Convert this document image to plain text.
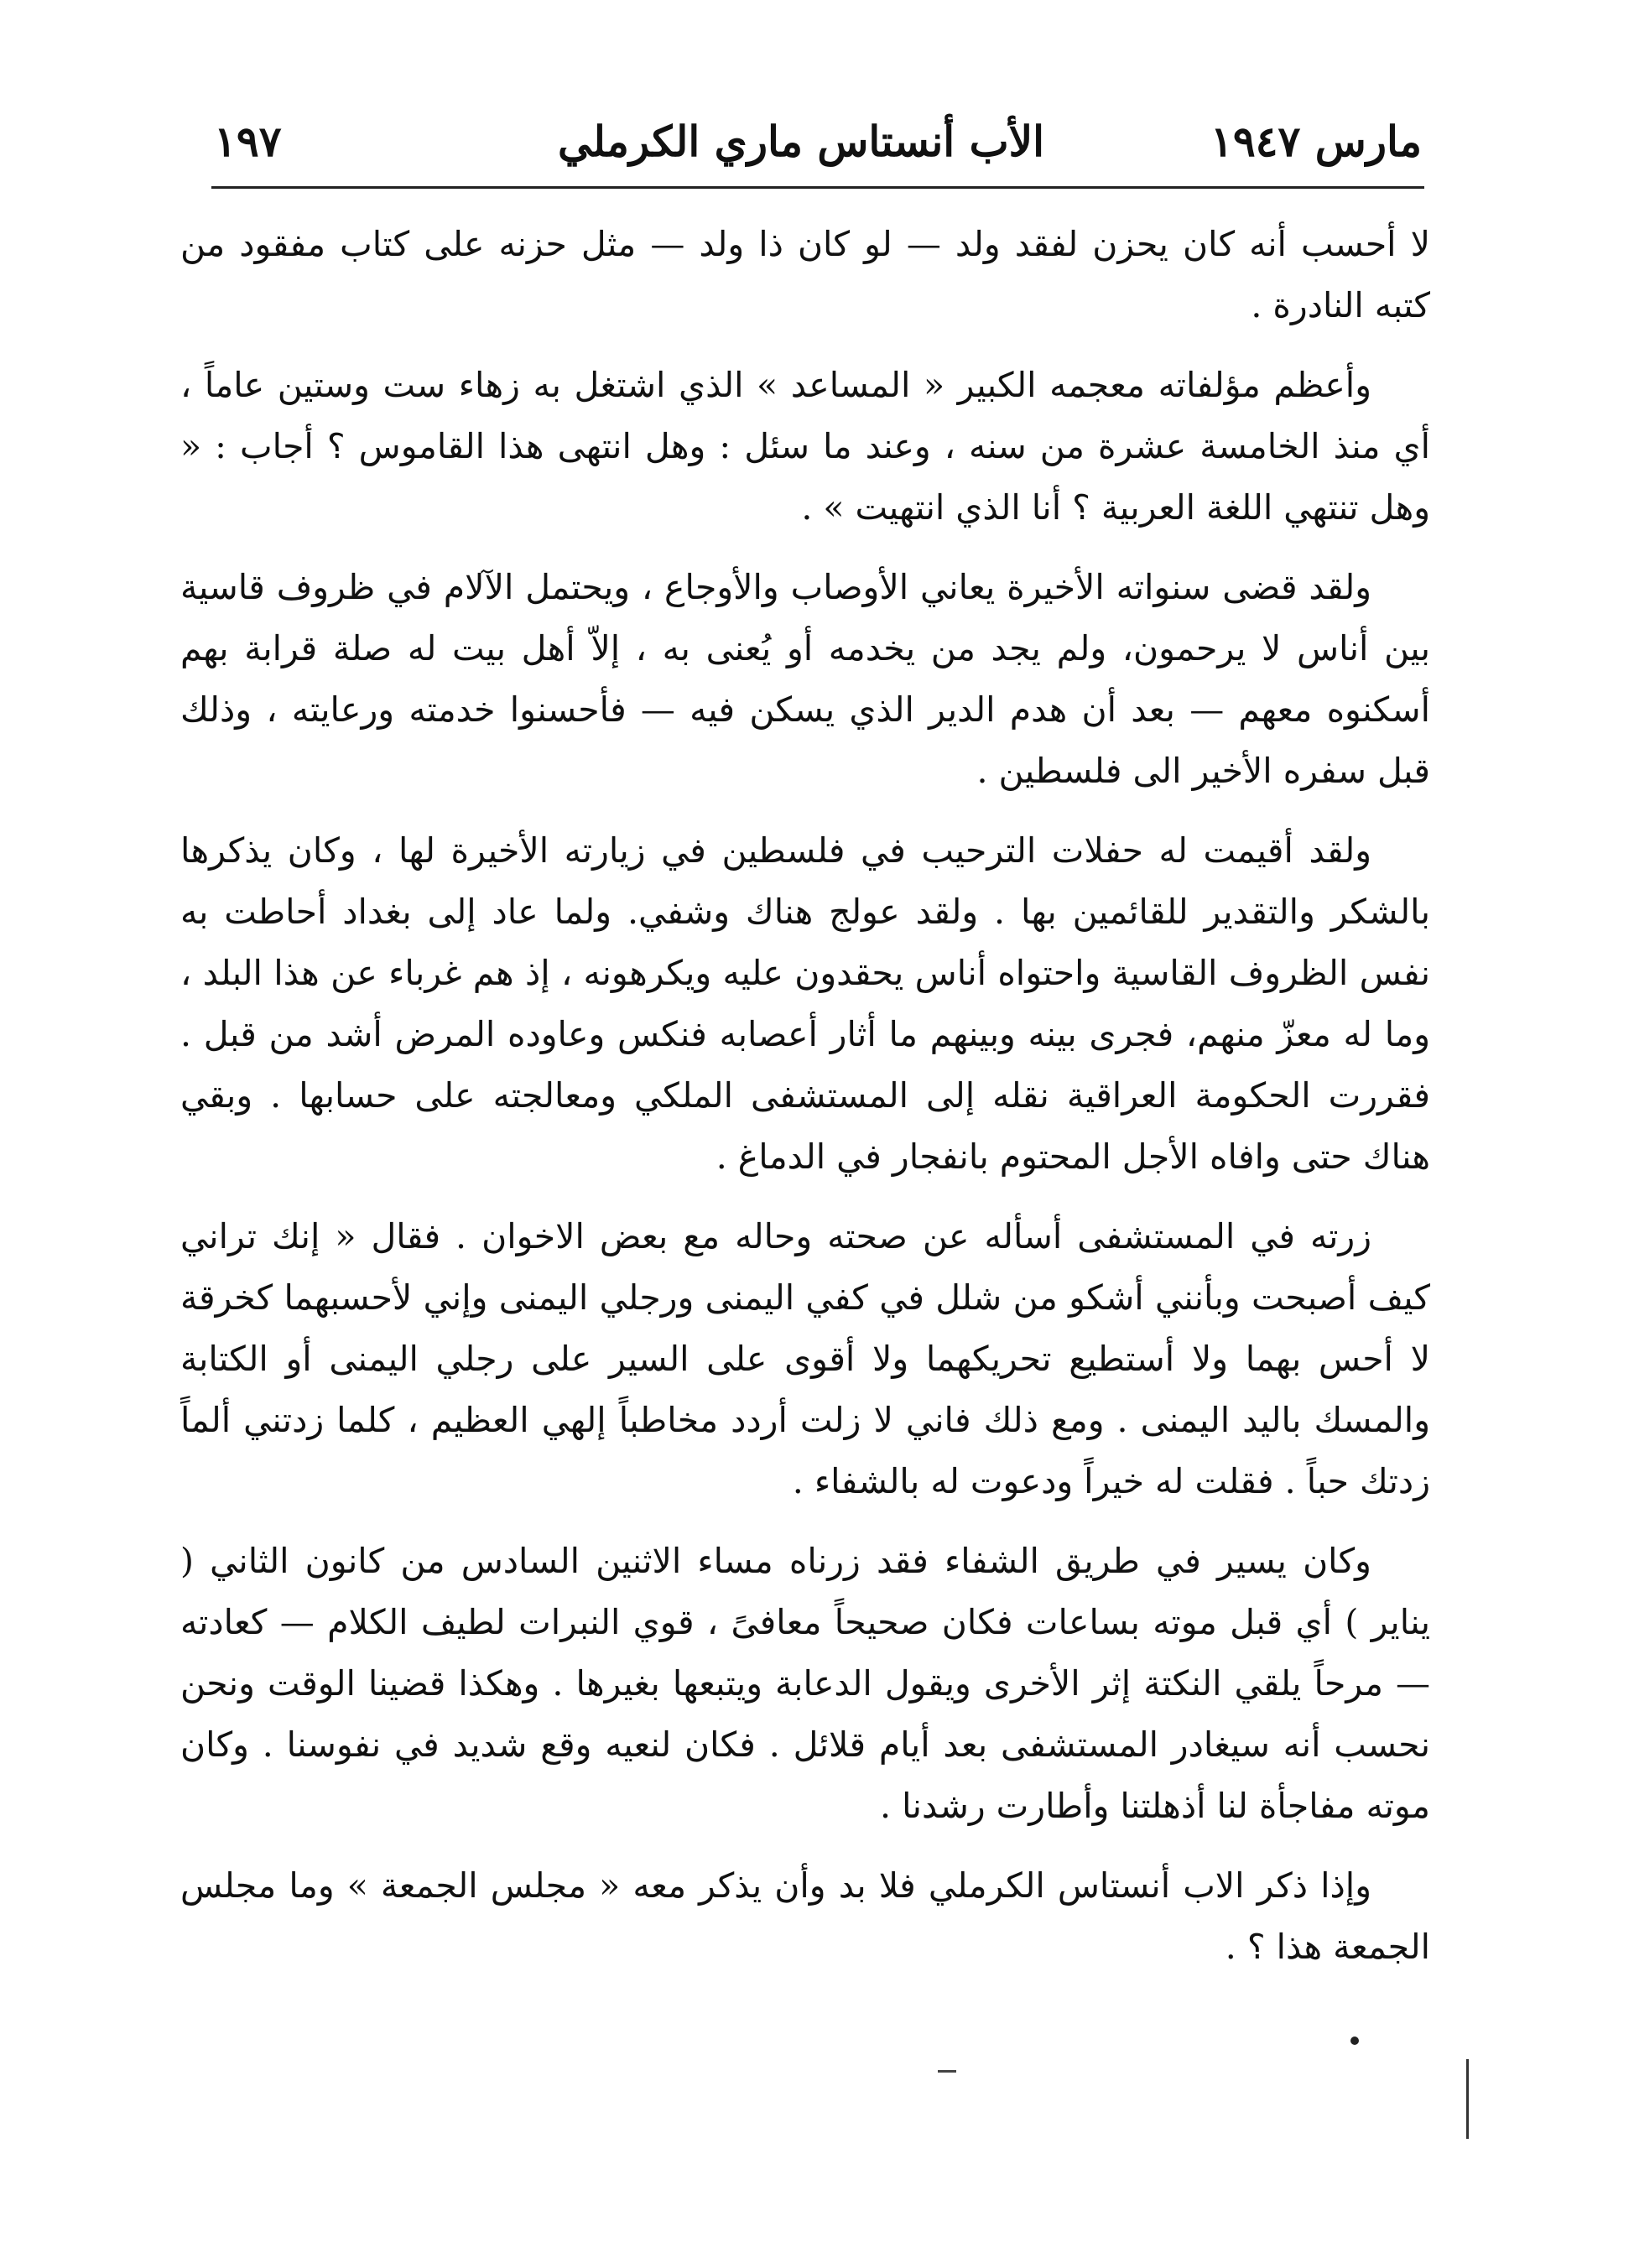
١٩٧	الأب أنستاس ماري الكرملي	مارس ١٩٤٧

لا أحسب أنه كان يحزن لفقد ولد — لو كان ذا ولد — مثل حزنه على كتاب مفقود من كتبه النادرة .

وأعظم مؤلفاته معجمه الكبير « المساعد » الذي اشتغل به زهاء ست وستين عاماً ، أي منذ الخامسة عشرة من سنه ، وعند ما سئل : وهل انتهى هذا القاموس ؟ أجاب : « وهل تنتهي اللغة العربية ؟ أنا الذي انتهيت » .

ولقد قضى سنواته الأخيرة يعاني الأوصاب والأوجاع ، ويحتمل الآلام في ظروف قاسية بين أناس لا يرحمون، ولم يجد من يخدمه أو يُعنى به ، إلاّ أهل بيت له صلة قرابة بهم أسكنوه معهم — بعد أن هدم الدير الذي يسكن فيه — فأحسنوا خدمته ورعايته ، وذلك قبل سفره الأخير الى فلسطين .

ولقد أقيمت له حفلات الترحيب في فلسطين في زيارته الأخيرة لها ، وكان يذكرها بالشكر والتقدير للقائمين بها . ولقد عولج هناك وشفي. ولما عاد إلى بغداد أحاطت به نفس الظروف القاسية واحتواه أناس يحقدون عليه ويكرهونه ، إذ هم غرباء عن هذا البلد ، وما له معزّ منهم، فجرى بينه وبينهم ما أثار أعصابه فنكس وعاوده المرض أشد من قبل . فقررت الحكومة العراقية نقله إلى المستشفى الملكي ومعالجته على حسابها . وبقي هناك حتى وافاه الأجل المحتوم بانفجار في الدماغ .

زرته في المستشفى أسأله عن صحته وحاله مع بعض الاخوان . فقال « إنك تراني كيف أصبحت وبأنني أشكو من شلل في كفي اليمنى ورجلي اليمنى وإني لأحسبهما كخرقة لا أحس بهما ولا أستطيع تحريكهما ولا أقوى على السير على رجلي اليمنى أو الكتابة والمسك باليد اليمنى . ومع ذلك فاني لا زلت أردد مخاطباً إلهي العظيم ، كلما زدتني ألماً زدتك حباً . فقلت له خيراً ودعوت له بالشفاء .

وكان يسير في طريق الشفاء فقد زرناه مساء الاثنين السادس من كانون الثاني ( يناير ) أي قبل موته بساعات فكان صحيحاً معافىً ، قوي النبرات لطيف الكلام — كعادته — مرحاً يلقي النكتة إثر الأخرى ويقول الدعابة ويتبعها بغيرها . وهكذا قضينا الوقت ونحن نحسب أنه سيغادر المستشفى بعد أيام قلائل . فكان لنعيه وقع شديد في نفوسنا . وكان موته مفاجأة لنا أذهلتنا وأطارت رشدنا .

وإذا ذكر الاب أنستاس الكرملي فلا بد وأن يذكر معه « مجلس الجمعة » وما مجلس الجمعة هذا ؟ .
